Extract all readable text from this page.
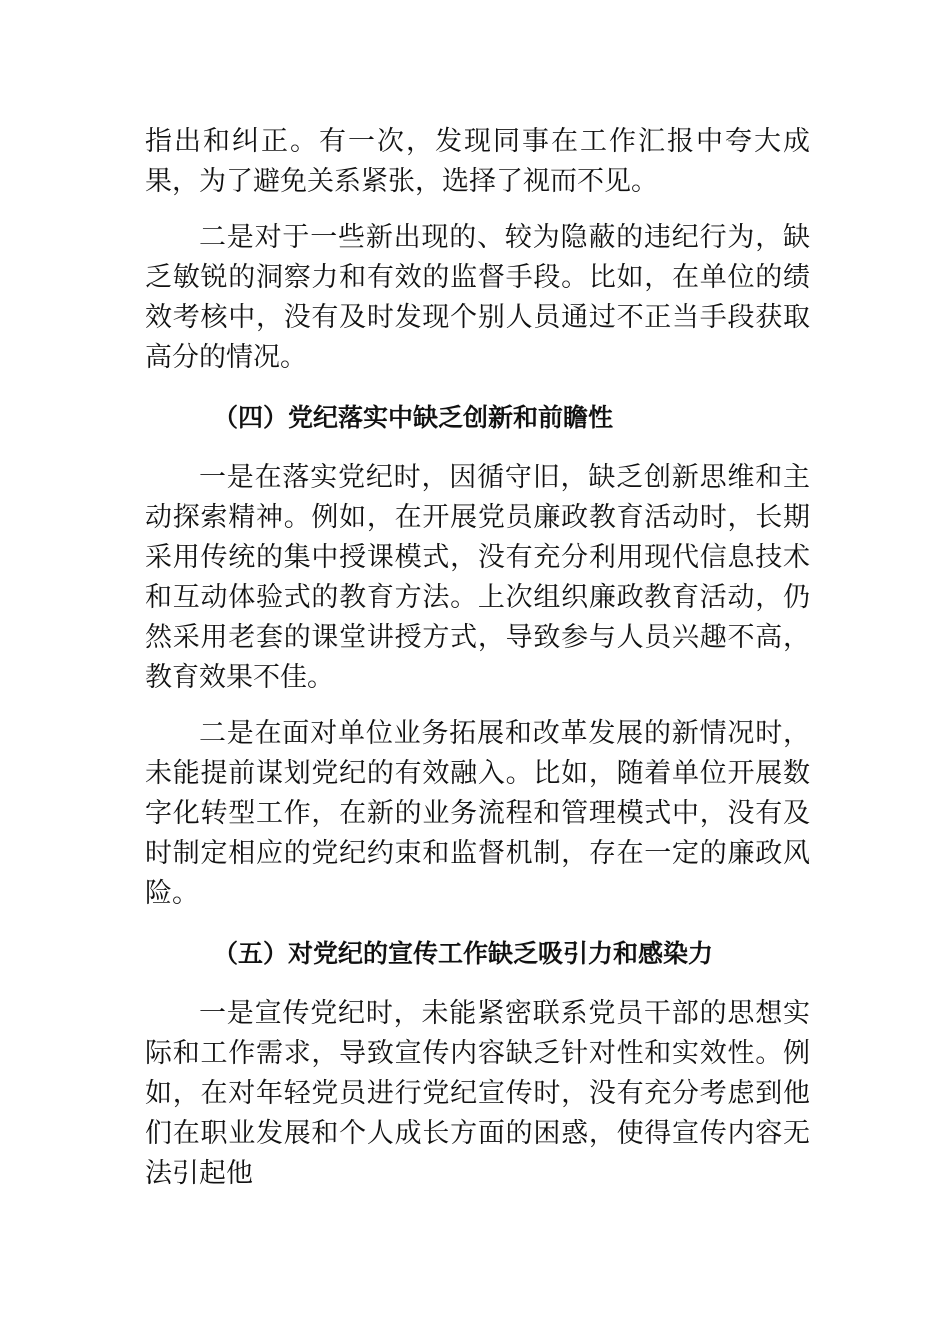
指出和纠正。有一次，发现同事在工作汇报中夸大成果，为了避免关系紧张，选择了视而不见。

二是对于一些新出现的、较为隐蔽的违纪行为，缺乏敏锐的洞察力和有效的监督手段。比如，在单位的绩效考核中，没有及时发现个别人员通过不正当手段获取高分的情况。

（四）党纪落实中缺乏创新和前瞻性

一是在落实党纪时，因循守旧，缺乏创新思维和主动探索精神。例如，在开展党员廉政教育活动时，长期采用传统的集中授课模式，没有充分利用现代信息技术和互动体验式的教育方法。上次组织廉政教育活动，仍然采用老套的课堂讲授方式，导致参与人员兴趣不高，教育效果不佳。

二是在面对单位业务拓展和改革发展的新情况时，未能提前谋划党纪的有效融入。比如，随着单位开展数字化转型工作，在新的业务流程和管理模式中，没有及时制定相应的党纪约束和监督机制，存在一定的廉政风险。

（五）对党纪的宣传工作缺乏吸引力和感染力

一是宣传党纪时，未能紧密联系党员干部的思想实际和工作需求，导致宣传内容缺乏针对性和实效性。例如，在对年轻党员进行党纪宣传时，没有充分考虑到他们在职业发展和个人成长方面的困惑，使得宣传内容无法引起他
